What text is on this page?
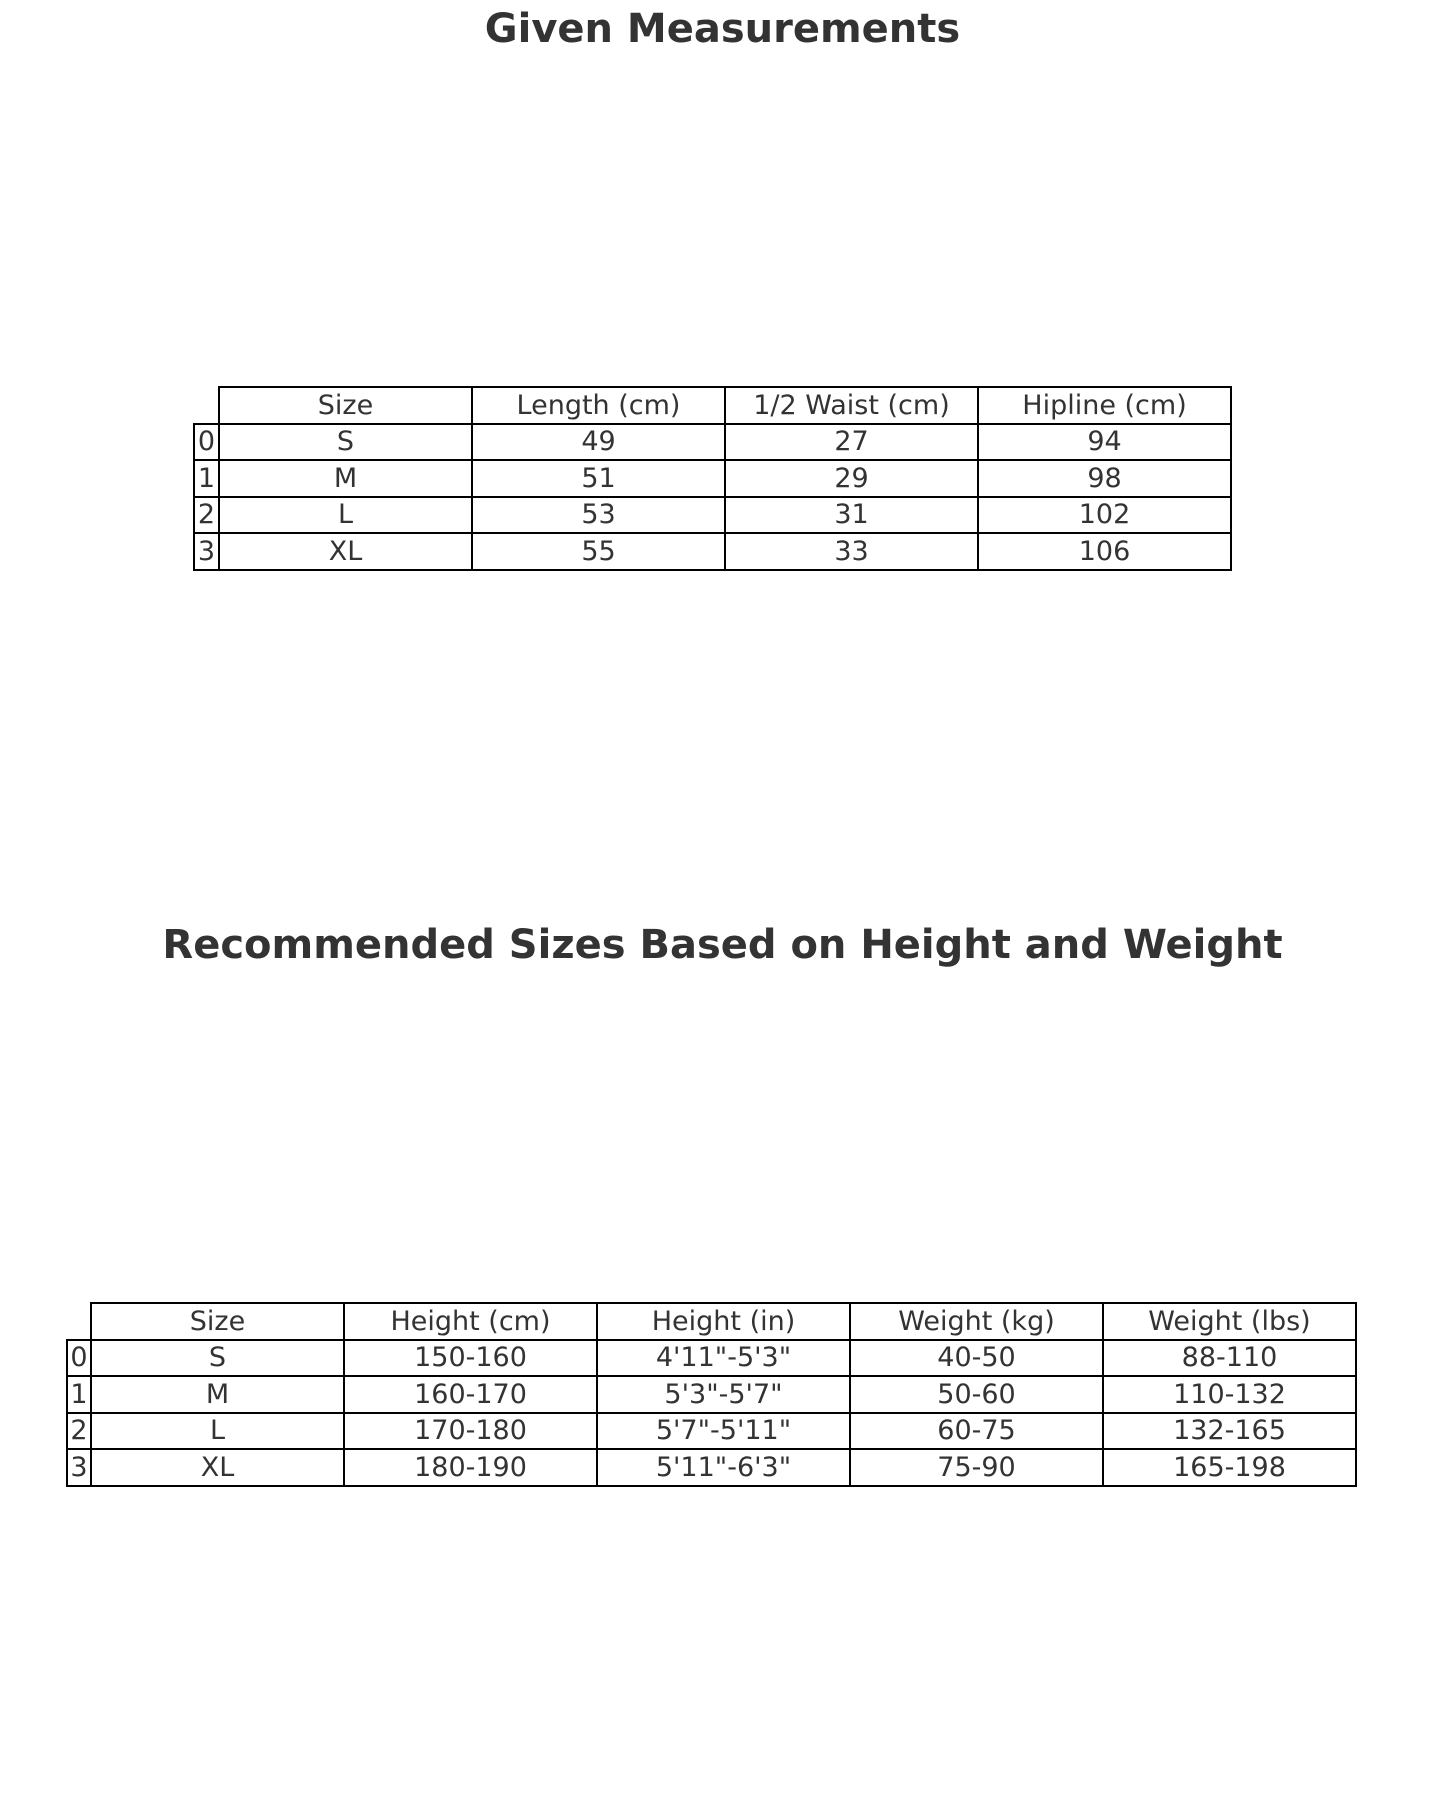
Given Measurements
	Size	Length (cm)	1/2 Waist (cm)	Hipline (cm)
0	S	49	27	94
1	M	51	29	98
2	L	53	31	102
3	XL	55	33	106
Recommended Sizes Based on Height and Weight
	Size	Height (cm)	Height (in)	Weight (kg)	Weight (lbs)
0	S	150-160	4'11"-5'3"	40-50	88-110
1	M	160-170	5'3"-5'7"	50-60	110-132
2	L	170-180	5'7"-5'11"	60-75	132-165
3	XL	180-190	5'11"-6'3"	75-90	165-198
